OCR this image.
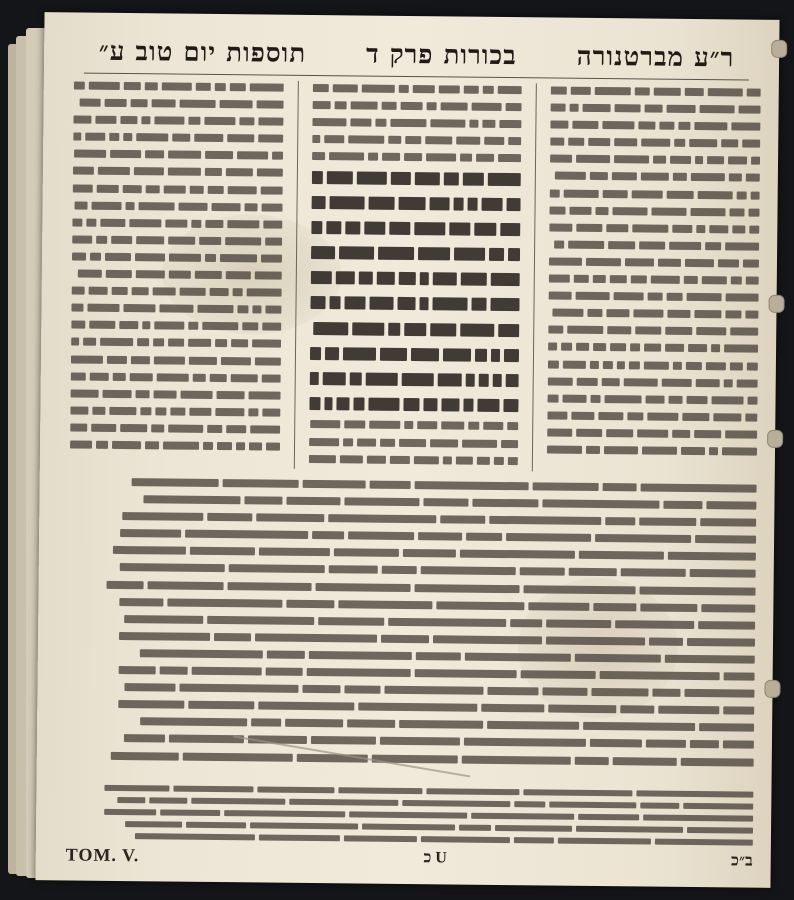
ר״ע מברטנורה
בכורות פרק ד
תוספות יום טוב ע״
TOM. V.	כ U	ב״כ
